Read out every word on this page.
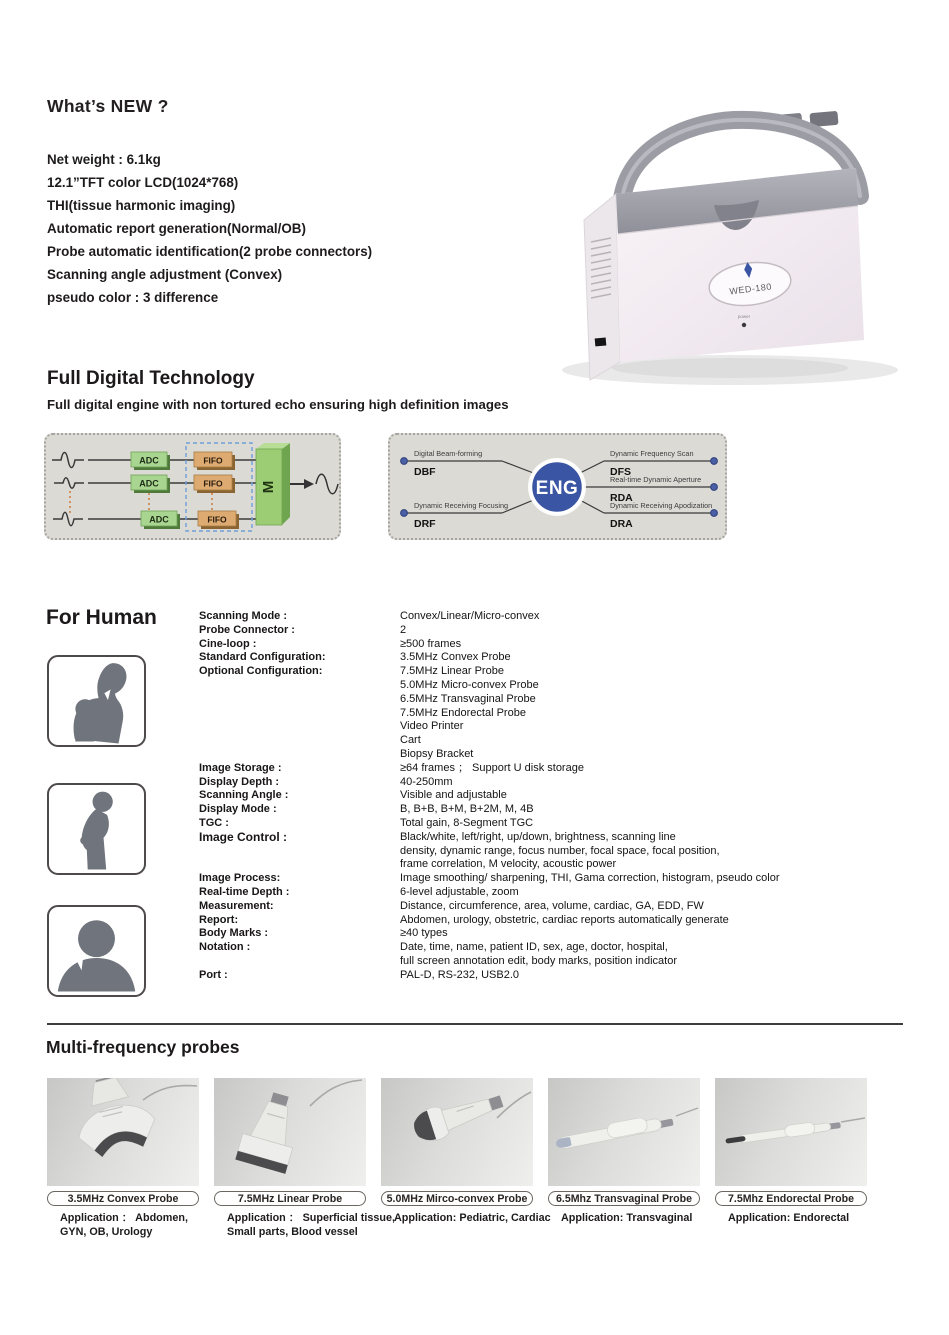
What’s NEW ?
Net weight : 6.1kg
12.1”TFT color LCD(1024*768)
THI(tissue harmonic imaging)
Automatic report generation(Normal/OB)
Probe automatic identification(2 probe connectors)
Scanning angle adjustment (Convex)
pseudo color : 3 difference
WED-180
power
Full Digital Technology
Full digital engine with non tortured echo ensuring high definition images
ADC
ADC
ADC
FIFO
FIFO
FIFO
M	ENG
Digital Beam-forming
DBF
Dynamic Receiving Focusing
DRF
Dynamic Frequency Scan
DFS
Real-time Dynamic Aperture
RDA
Dynamic Receiving Apodization
DRA
For Human	Scanning Mode :	Convex/Linear/Micro-convex
Probe Connector :	2
Cine-loop :	≥500 frames
Standard Configuration:	3.5MHz Convex Probe
Optional Configuration:	7.5MHz Linear Probe
5.0MHz Micro-convex Probe
6.5MHz Transvaginal Probe
7.5MHz Endorectal Probe
Video Printer
Cart
Biopsy Bracket
Image Storage :	≥64 frames ； Support U disk storage
Display Depth :	40-250mm
Scanning Angle :	Visible and adjustable
Display Mode :	B, B+B, B+M, B+2M, M, 4B
TGC :	Total gain, 8-Segment TGC
Image Control :	Black/white, left/right, up/down, brightness, scanning line
density, dynamic range, focus number, focal space, focal position,
frame correlation, M velocity, acoustic power
Image Process:	Image smoothing/ sharpening, THI, Gama correction, histogram, pseudo color
Real-time Depth :	6-level adjustable, zoom
Measurement:	Distance, circumference, area, volume, cardiac, GA, EDD, FW
Report:	Abdomen, urology, obstetric, cardiac reports automatically generate
Body Marks :	≥40 types
Notation :	Date, time, name, patient ID, sex, age, doctor, hospital,
full screen annotation edit, body marks, position indicator
Port :	PAL-D, RS-232, USB2.0
Multi-frequency probes
3.5MHz Convex Probe
Application ： Abdomen,
GYN, OB, Urology
7.5MHz Linear Probe
Application ： Superficial tissue,
Small parts, Blood vessel
5.0MHz Mirco-convex Probe
Application: Pediatric, Cardiac
6.5Mhz Transvaginal Probe
Application: Transvaginal
7.5Mhz Endorectal Probe
Application: Endorectal
